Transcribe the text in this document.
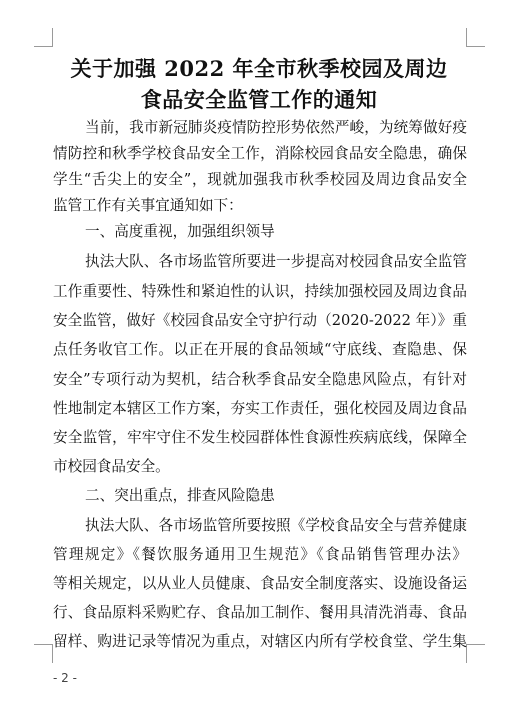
关于加强 2022 年全市秋季校园及周边
食品安全监管工作的通知
当前，我市新冠肺炎疫情防控形势依然严峻，为统筹做好疫
情防控和秋季学校食品安全工作，消除校园食品安全隐患，确保
学生“舌尖上的安全”，现就加强我市秋季校园及周边食品安全
监管工作有关事宜通知如下：
一、高度重视，加强组织领导
执法大队、各市场监管所要进一步提高对校园食品安全监管
工作重要性、特殊性和紧迫性的认识，持续加强校园及周边食品
安全监管，做好《校园食品安全守护行动（2020-2022 年）》重
点任务收官工作。以正在开展的食品领域“守底线、查隐患、保
安全”专项行动为契机，结合秋季食品安全隐患风险点，有针对
性地制定本辖区工作方案，夯实工作责任，强化校园及周边食品
安全监管，牢牢守住不发生校园群体性食源性疾病底线，保障全
市校园食品安全。
二、突出重点，排查风险隐患
执法大队、各市场监管所要按照《学校食品安全与营养健康
管理规定》《餐饮服务通用卫生规范》《食品销售管理办法》
等相关规定，以从业人员健康、食品安全制度落实、设施设备运
行、食品原料采购贮存、食品加工制作、餐用具清洗消毒、食品
留样、购进记录等情况为重点，对辖区内所有学校食堂、学生集
- 2 -
